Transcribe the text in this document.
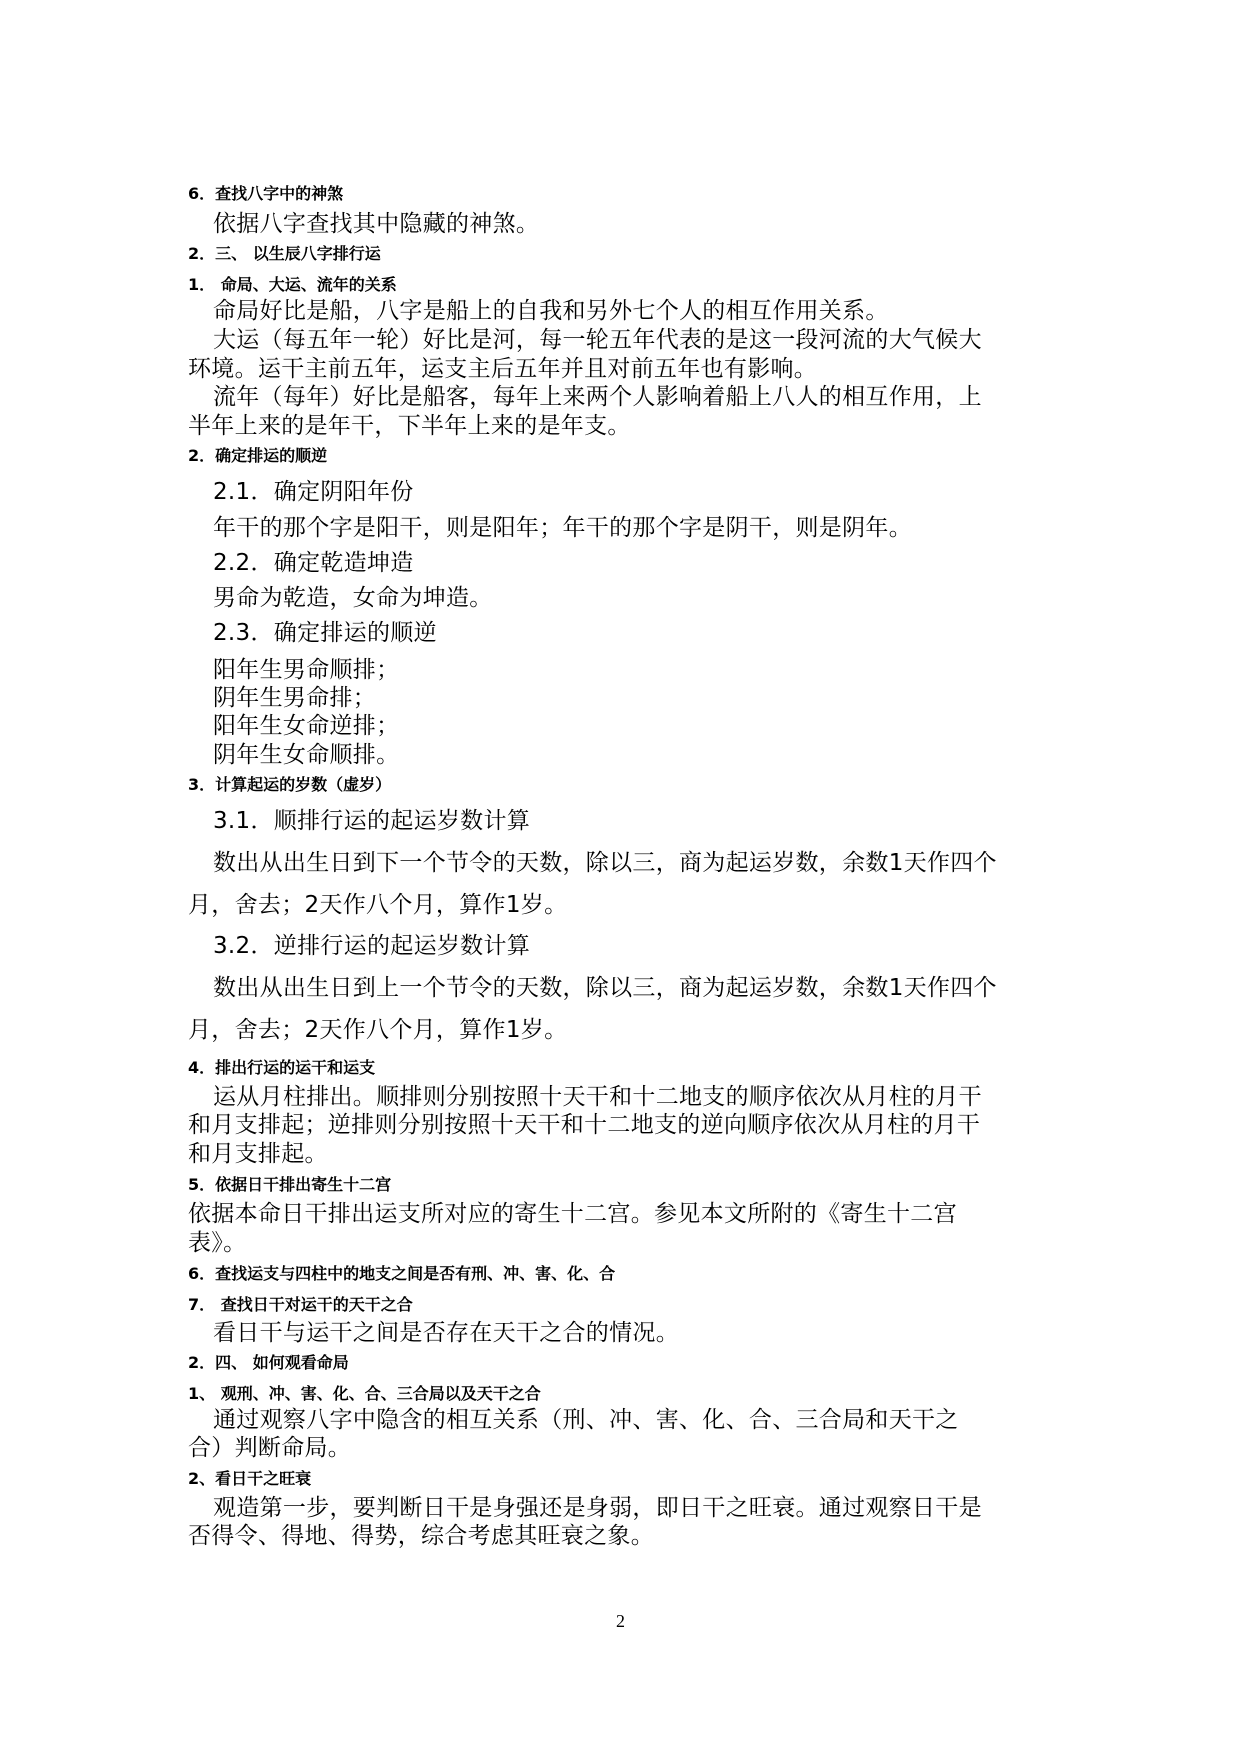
6．查找八字中的神煞
依据八字查找其中隐藏的神煞。
2．三、 以生辰八字排行运
1． 命局、大运、流年的关系
命局好比是船，八字是船上的自我和另外七个人的相互作用关系。
大运（每五年一轮）好比是河，每一轮五年代表的是这一段河流的大气候大
环境。运干主前五年，运支主后五年并且对前五年也有影响。
流年（每年）好比是船客，每年上来两个人影响着船上八人的相互作用，上
半年上来的是年干，下半年上来的是年支。
2．确定排运的顺逆
2.1．确定阴阳年份
年干的那个字是阳干，则是阳年；年干的那个字是阴干，则是阴年。
2.2．确定乾造坤造
男命为乾造，女命为坤造。
2.3．确定排运的顺逆
阳年生男命顺排；
阴年生男命排；
阳年生女命逆排；
阴年生女命顺排。
3．计算起运的岁数（虚岁）
3.1．顺排行运的起运岁数计算
数出从出生日到下一个节令的天数，除以三，商为起运岁数，余数1天作四个
月，舍去；2天作八个月，算作1岁。
3.2．逆排行运的起运岁数计算
数出从出生日到上一个节令的天数，除以三，商为起运岁数，余数1天作四个
月，舍去；2天作八个月，算作1岁。
4．排出行运的运干和运支
运从月柱排出。顺排则分别按照十天干和十二地支的顺序依次从月柱的月干
和月支排起；逆排则分别按照十天干和十二地支的逆向顺序依次从月柱的月干
和月支排起。
5．依据日干排出寄生十二宫
依据本命日干排出运支所对应的寄生十二宫。参见本文所附的《寄生十二宫
表》。
6．查找运支与四柱中的地支之间是否有刑、冲、害、化、合
7． 查找日干对运干的天干之合
看日干与运干之间是否存在天干之合的情况。
2．四、 如何观看命局
1、 观刑、冲、害、化、合、三合局以及天干之合
通过观察八字中隐含的相互关系（刑、冲、害、化、合、三合局和天干之
合）判断命局。
2、看日干之旺衰
观造第一步，要判断日干是身强还是身弱，即日干之旺衰。通过观察日干是
否得令、得地、得势，综合考虑其旺衰之象。
2
